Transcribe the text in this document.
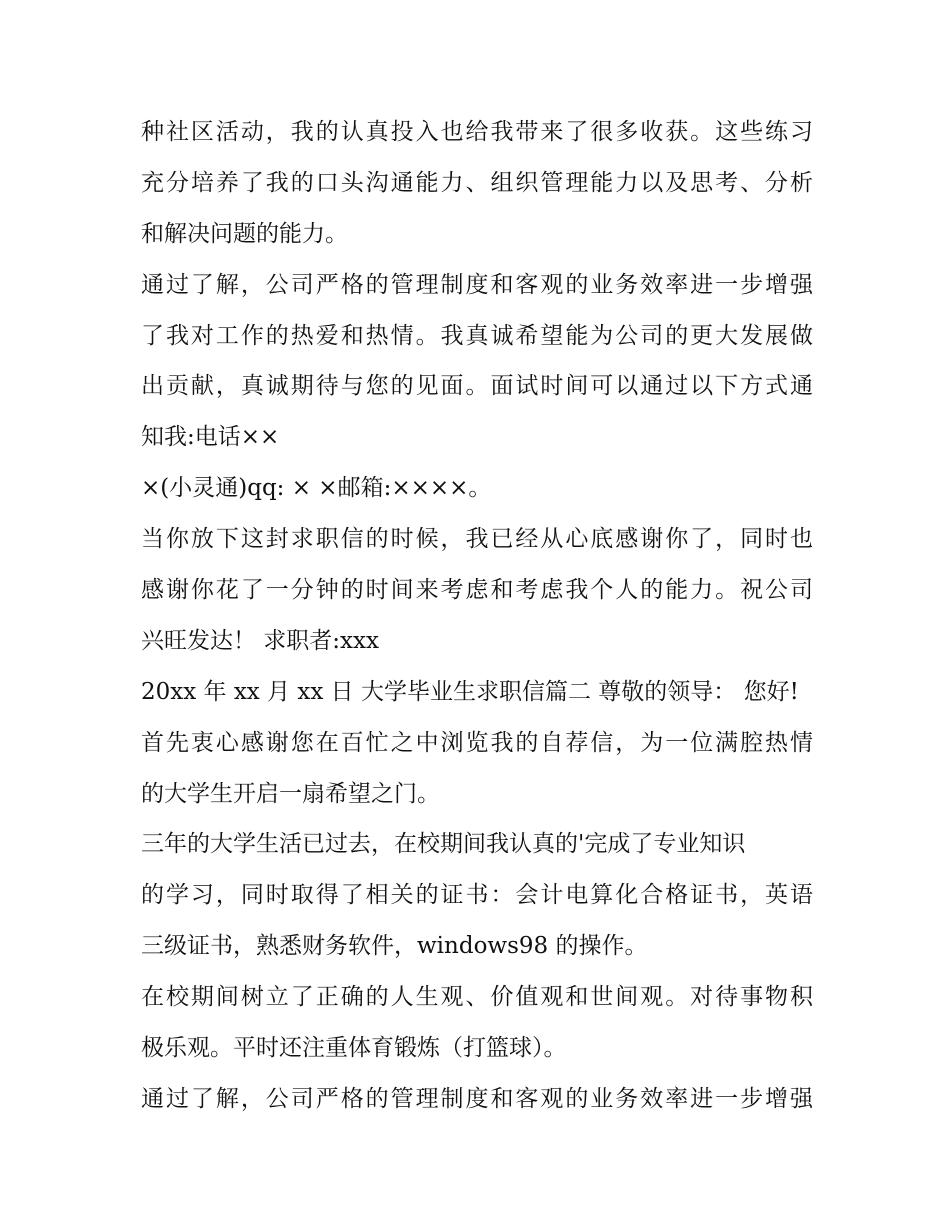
种社区活动，我的认真投入也给我带来了很多收获。这些练习
充分培养了我的口头沟通能力、组织管理能力以及思考、分析
和解决问题的能力。
通过了解，公司严格的管理制度和客观的业务效率进一步增强
了我对工作的热爱和热情。我真诚希望能为公司的更大发展做
出贡献，真诚期待与您的见面。面试时间可以通过以下方式通
知我:电话××
×(小灵通)qq: × ×邮箱:××××。
当你放下这封求职信的时候，我已经从心底感谢你了，同时也
感谢你花了一分钟的时间来考虑和考虑我个人的能力。祝公司
兴旺发达！ 求职者:xxx
20xx 年 xx 月 xx 日 大学毕业生求职信篇二 尊敬的领导： 您好!
首先衷心感谢您在百忙之中浏览我的自荐信，为一位满腔热情
的大学生开启一扇希望之门。
三年的大学生活已过去，在校期间我认真的'完成了专业知识
的学习，同时取得了相关的证书：会计电算化合格证书，英语
三级证书，熟悉财务软件，windows98 的操作。
在校期间树立了正确的人生观、价值观和世间观。对待事物积
极乐观。平时还注重体育锻炼（打篮球）。
通过了解，公司严格的管理制度和客观的业务效率进一步增强
